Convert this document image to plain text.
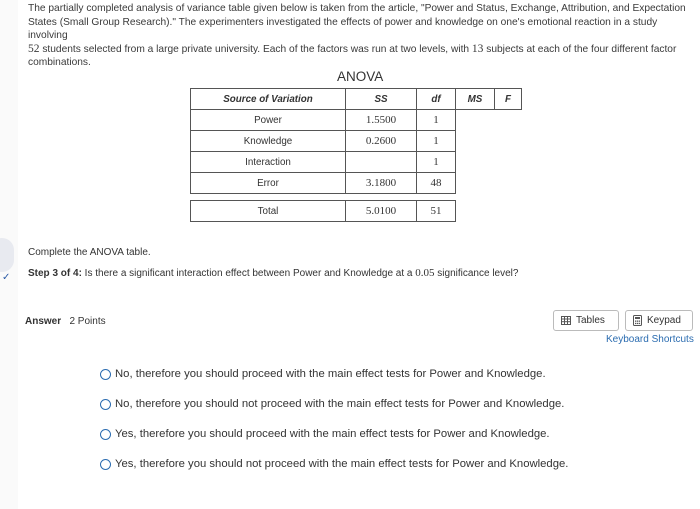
✓
The partially completed analysis of variance table given below is taken from the article, "Power and Status, Exchange, Attribution, and Expectation
States (Small Group Research)." The experimenters investigated the effects of power and knowledge on one's emotional reaction in a study involving
52 students selected from a large private university. Each of the factors was run at two levels, with 13 subjects at each of the four different factor
combinations.
ANOVA
Source of Variation	SS	df	MS	F
Power	1.5500	1		
Knowledge	0.2600	1		
Interaction		1		
Error	3.1800	48		

Total	5.0100	51		
Complete the ANOVA table.
Step 3 of 4: Is there a significant interaction effect between Power and Knowledge at a 0.05 significance level?
Answer 2 Points	Tables	Keypad
Keyboard Shortcuts
No, therefore you should proceed with the main effect tests for Power and Knowledge.
No, therefore you should not proceed with the main effect tests for Power and Knowledge.
Yes, therefore you should proceed with the main effect tests for Power and Knowledge.
Yes, therefore you should not proceed with the main effect tests for Power and Knowledge.
